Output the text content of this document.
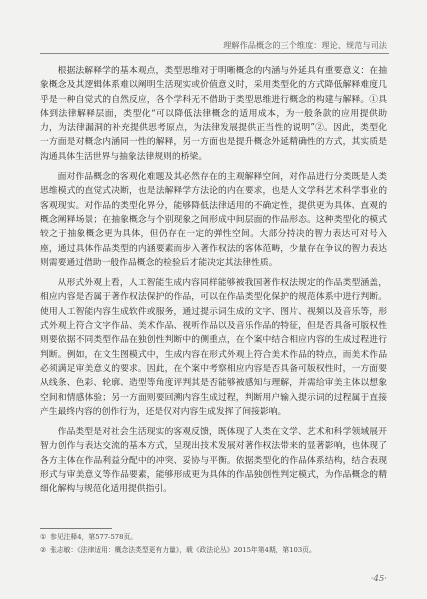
理解作品概念的三个维度：理论、规范与司法

根据法解释学的基本观点，类型思维对于明晰概念的内涵与外延具有重要意义：在抽象概念及其逻辑体系难以阐明生活现实或价值意义时，采用类型化的方式降低解释难度几乎是一种自觉式的自然反应，各个学科无不借助于类型思维进行概念的构建与解释。①具体到法律解释层面，类型化“可以降低法律概念的适用成本，为一般条款的应用提供助力，为法律漏洞的补充提供思考原点，为法律发展提供正当性的说明”②。因此，类型化一方面是对概念内涵同一性的解释，另一方面也是提升概念外延精确性的方式，其实质是沟通具体生活世界与抽象法律规则的桥梁。

面对作品概念的客观化难题及其必然存在的主观解释空间，对作品进行分类既是人类思维模式的直觉式决断，也是法解释学方法论的内在要求，也是人文学科艺术科学事业的客观现实。对作品的类型化界分，能够降低法律适用的不确定性，提供更为具体、直观的概念阐释场景；在抽象概念与个别现象之间形成中间层面的作品形态。这种类型化的模式较之于抽象概念更为具体，但仍存在一定的弹性空间。大部分持决的智力表达可对号入座，通过具体作品类型的内涵要素而步入著作权法的客体范畴，少量存在争议的智力表达则需要通过借助一般作品概念的检验后才能决定其法律性质。

从形式外观上看，人工智能生成内容同样能够被我国著作权法规定的作品类型涵盖，相应内容是否属于著作权法保护的作品，可以在作品类型化保护的规范体系中进行判断。使用人工智能内容生成软件或服务，通过提示词生成的文字、图片、视频以及音乐等，形式外观上符合文字作品、美术作品、视听作品以及音乐作品的特征，但是否具备可版权性则要依据不同类型作品在独创性判断中的侧重点，在个案中结合相应内容的生成过程进行判断。例如，在文生图模式中，生成内容在形式外观上符合美术作品的特点，而美术作品必须满足审美意义的要求。因此，在个案中考察相应内容是否具备可版权性时，一方面要从线条、色彩、轮廓、造型等角度评判其是否能够被感知与理解，并需给审美主体以想象空间和情感体验；另一方面则要回溯内容生成过程，判断用户输入提示词的过程属于直接产生最终内容的创作行为，还是仅对内容生成发挥了间接影响。

作品类型是对社会生活现实的客观反馈，既体现了人类在文学、艺术和科学领域展开智力创作与表达交流的基本方式，呈现出技术发展对著作权法带来的显著影响，也体现了各方主体在作品利益分配中的冲突、妥协与平衡。依据类型化的作品体系结构，结合表现形式与审美意义等作品要素，能够形成更为具体的作品独创性判定模式，为作品概念的精细化解构与规范化适用提供指引。

① 参见注释4，第577-578页。

② 张志敏：《法律适用：概念法类型更有力量》，载《政法论丛》2015年第4期，第103页。

·45·
